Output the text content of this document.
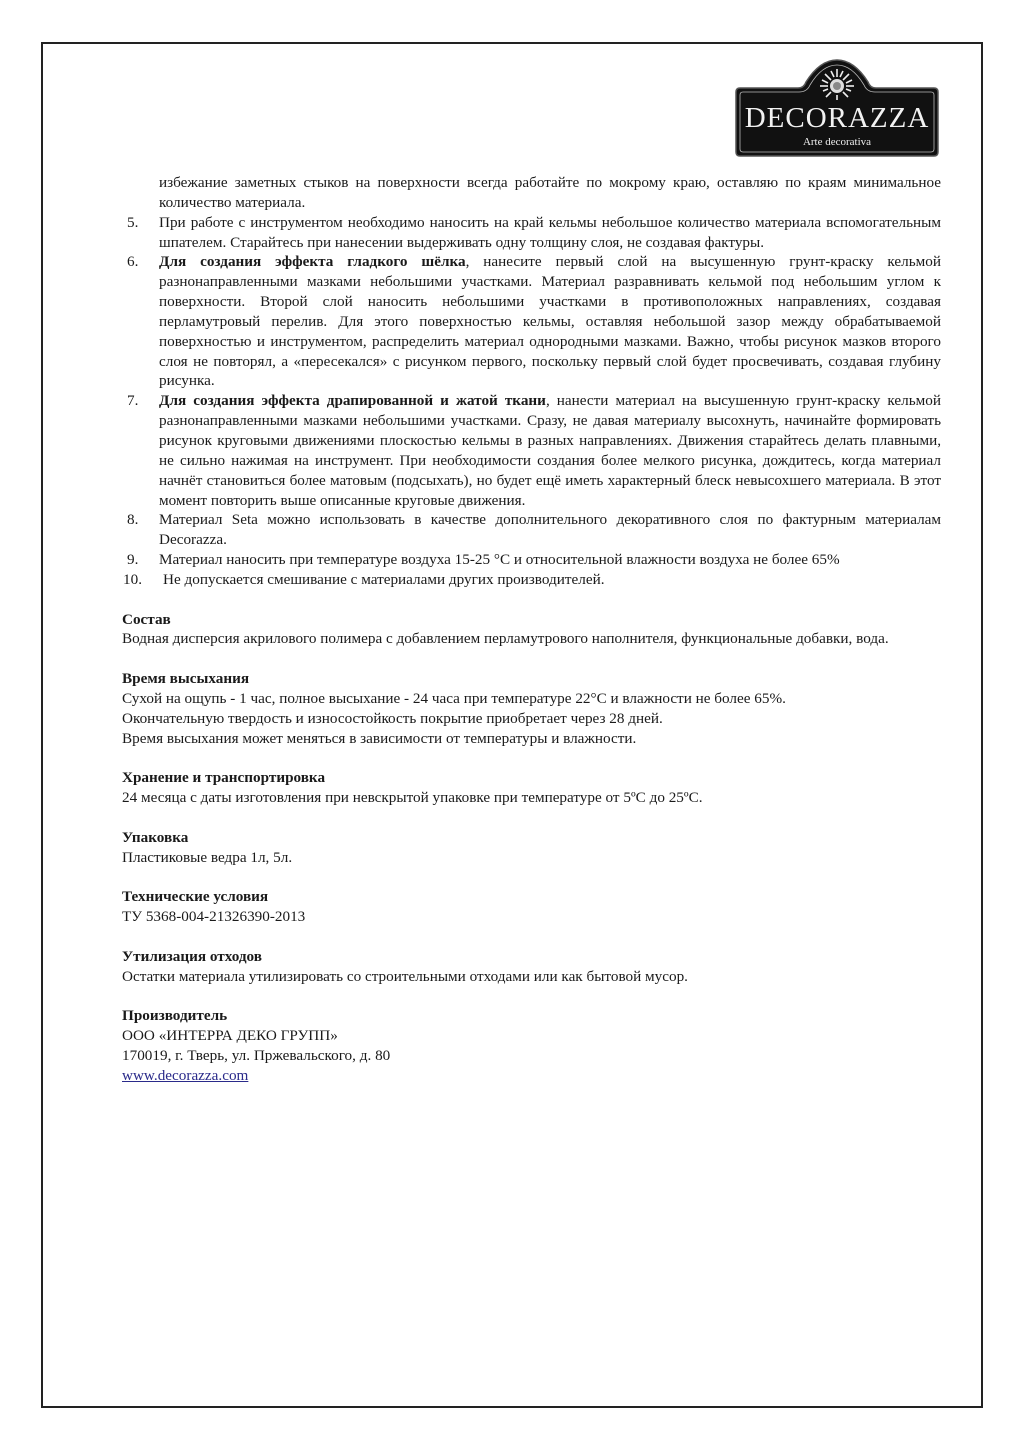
DECORAZZA
Arte decorativa

избежание заметных стыков на поверхности всегда работайте по мокрому краю, оставляю по краям минимальное количество материала.

5. При работе с инструментом необходимо наносить на край кельмы небольшое количество материала вспомогательным шпателем. Старайтесь при нанесении выдерживать одну толщину слоя, не создавая фактуры.

6. Для создания эффекта гладкого шёлка, нанесите первый слой на высушенную грунт-краску кельмой разнонаправленными мазками небольшими участками. Материал разравнивать кельмой под небольшим углом к поверхности. Второй слой наносить небольшими участками в противоположных направлениях, создавая перламутровый перелив. Для этого поверхностью кельмы, оставляя небольшой зазор между обрабатываемой поверхностью и инструментом, распределить материал однородными мазками. Важно, чтобы рисунок мазков второго слоя не повторял, а «пересекался» с рисунком первого, поскольку первый слой будет просвечивать, создавая глубину рисунка.

7. Для создания эффекта драпированной и жатой ткани, нанести материал на высушенную грунт-краску кельмой разнонаправленными мазками небольшими участками. Сразу, не давая материалу высохнуть, начинайте формировать рисунок круговыми движениями плоскостью кельмы в разных направлениях. Движения старайтесь делать плавными, не сильно нажимая на инструмент. При необходимости создания более мелкого рисунка, дождитесь, когда материал начнёт становиться более матовым (подсыхать), но будет ещё иметь характерный блеск невысохшего материала. В этот момент повторить выше описанные круговые движения.

8. Материал Seta можно использовать в качестве дополнительного декоративного слоя по фактурным материалам Decorazza.

9. Материал наносить при температуре воздуха 15-25 °С и относительной влажности воздуха не более 65%

10. Не допускается смешивание с материалами других производителей.

Состав

Водная дисперсия акрилового полимера с добавлением перламутрового наполнителя, функциональные добавки, вода.

Время высыхания

Сухой на ощупь - 1 час, полное высыхание - 24 часа при температуре 22°С и влажности не более 65%.

Окончательную твердость и износостойкость покрытие приобретает через 28 дней.

Время высыхания может меняться в зависимости от температуры и влажности.

Хранение и транспортировка

24 месяца с даты изготовления при невскрытой упаковке при температуре от 5ºС до 25ºС.

Упаковка

Пластиковые ведра 1л, 5л.

Технические условия

ТУ 5368-004-21326390-2013

Утилизация отходов

Остатки материала утилизировать со строительными отходами или как бытовой мусор.

Производитель

ООО «ИНТЕРРА ДЕКО ГРУПП»

170019, г. Тверь, ул. Пржевальского, д. 80

www.decorazza.com
